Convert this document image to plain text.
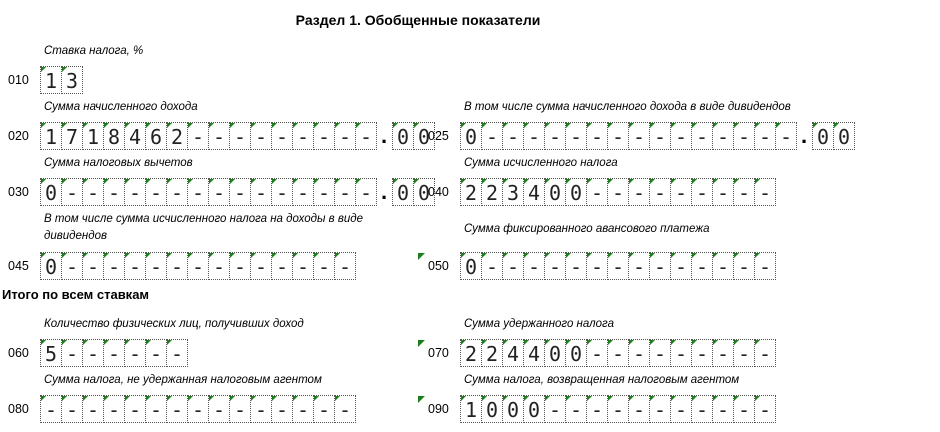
Раздел 1. Обобщенные показатели
Итого по всем ставкам
Ставка налога, %
010 1 3
Сумма начисленного дохода
020 1 7 1 8 4 6 2 - - - - - - - - - . 0 0
В том числе сумма начисленного дохода в виде дивидендов
025 0 - - - - - - - - - - - - - - - . 0 0
Сумма налоговых вычетов
030 0 - - - - - - - - - - - - - - - . 0 0
Сумма исчисленного налога
040 2 2 3 4 0 0 - - - - - - - - -
В том числе сумма исчисленного налога на доходы в виде дивидендов
045 0 - - - - - - - - - - - - - -
Сумма фиксированного авансового платежа
050 0 - - - - - - - - - - - - - -
Количество физических лиц, получивших доход
060 5 - - - - - -
Сумма удержанного налога
070 2 2 4 4 0 0 - - - - - - - - -
Сумма налога, не удержанная налоговым агентом
080 - - - - - - - - - - - - - - -
Сумма налога, возвращенная налоговым агентом
090 1 0 0 0 - - - - - - - - - - -
